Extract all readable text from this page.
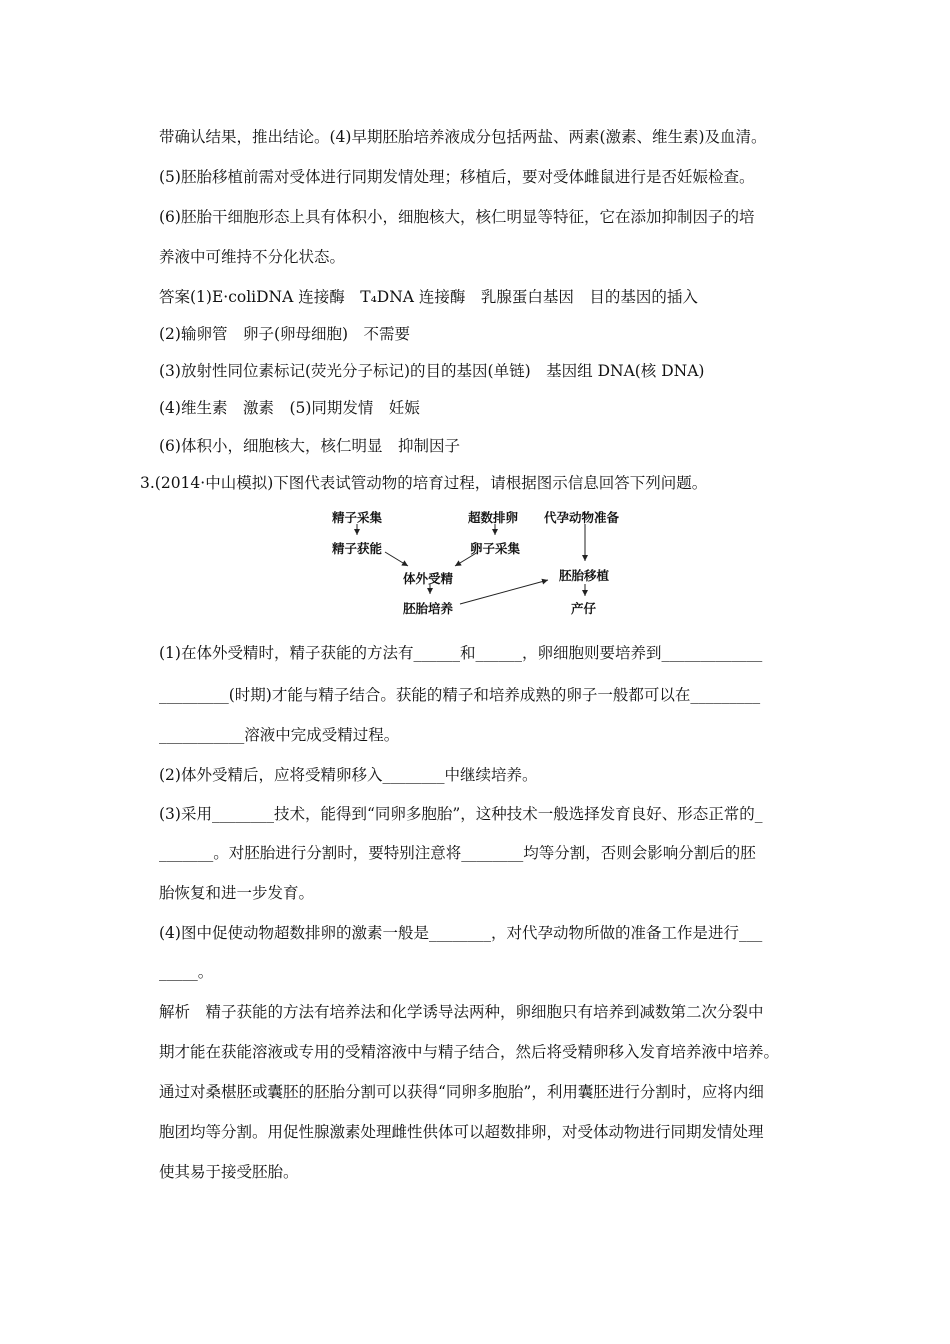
带确认结果，推出结论。(4)早期胚胎培养液成分包括两盐、两素(激素、维生素)及血清。
(5)胚胎移植前需对受体进行同期发情处理；移植后，要对受体雌鼠进行是否妊娠检查。
(6)胚胎干细胞形态上具有体积小，细胞核大，核仁明显等特征，它在添加抑制因子的培
养液中可维持不分化状态。
答案(1)E·coliDNA 连接酶　T₄DNA 连接酶　乳腺蛋白基因　目的基因的插入
(2)输卵管　卵子(卵母细胞)　不需要
(3)放射性同位素标记(荧光分子标记)的目的基因(单链)　基因组 DNA(核 DNA)
(4)维生素　激素　(5)同期发情　妊娠
(6)体积小，细胞核大，核仁明显　抑制因子
3.(2014·中山模拟)下图代表试管动物的培育过程，请根据图示信息回答下列问题。
精子采集
精子获能
超数排卵
卵子采集
体外受精
胚胎培养
代孕动物准备
胚胎移植
产仔
(1)在体外受精时，精子获能的方法有______和______，卵细胞则要培养到_____________
_________(时期)才能与精子结合。获能的精子和培养成熟的卵子一般都可以在_________
___________溶液中完成受精过程。
(2)体外受精后，应将受精卵移入________中继续培养。
(3)采用________技术，能得到“同卵多胞胎”，这种技术一般选择发育良好、形态正常的_
_______。对胚胎进行分割时，要特别注意将________均等分割，否则会影响分割后的胚
胎恢复和进一步发育。
(4)图中促使动物超数排卵的激素一般是________，对代孕动物所做的准备工作是进行___
_____。
解析　精子获能的方法有培养法和化学诱导法两种，卵细胞只有培养到减数第二次分裂中
期才能在获能溶液或专用的受精溶液中与精子结合，然后将受精卵移入发育培养液中培养。
通过对桑椹胚或囊胚的胚胎分割可以获得“同卵多胞胎”，利用囊胚进行分割时，应将内细
胞团均等分割。用促性腺激素处理雌性供体可以超数排卵，对受体动物进行同期发情处理
使其易于接受胚胎。
